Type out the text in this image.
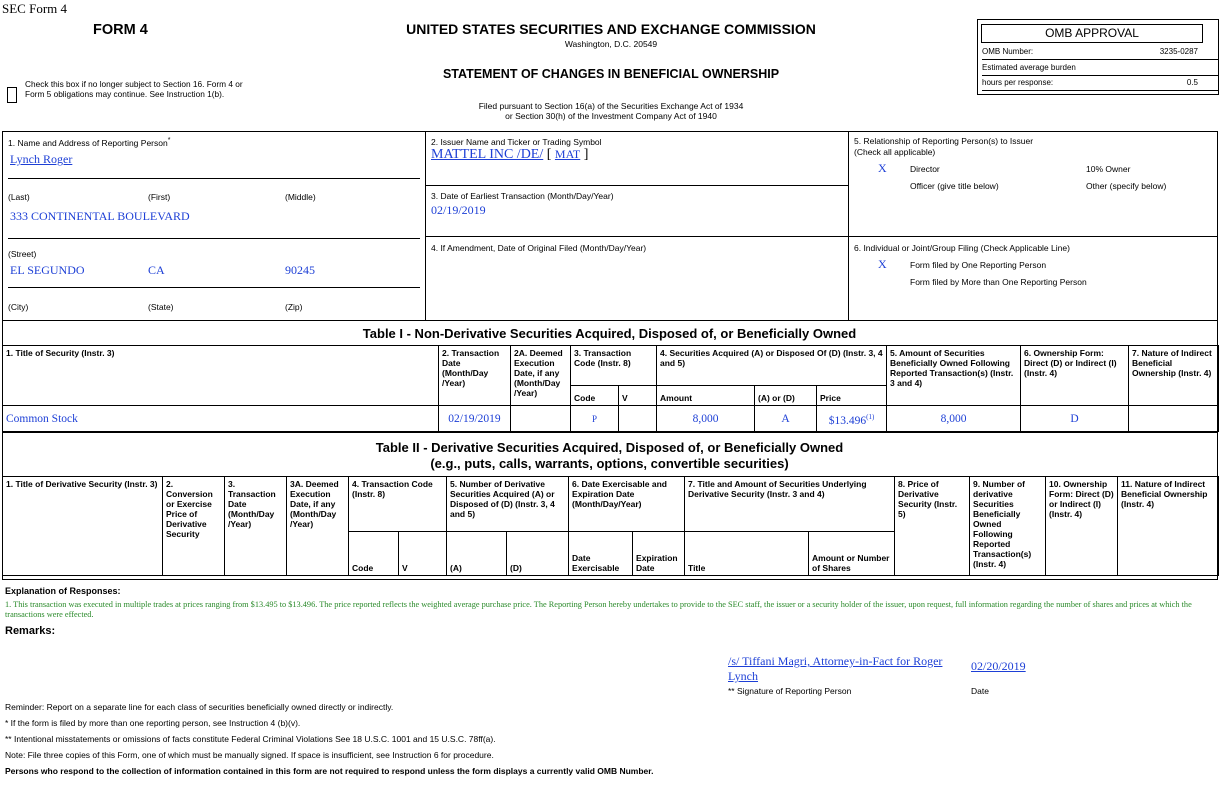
SEC Form 4
FORM 4	UNITED STATES SECURITIES AND EXCHANGE COMMISSION
Washington, D.C. 20549
STATEMENT OF CHANGES IN BENEFICIAL OWNERSHIP
Filed pursuant to Section 16(a) of the Securities Exchange Act of 1934
or Section 30(h) of the Investment Company Act of 1940
Check this box if no longer subject to Section 16. Form 4 or Form 5 obligations may continue. See Instruction 1(b).
OMB APPROVAL
OMB Number:	3235-0287
Estimated average burden
hours per response:	0.5
1. Name and Address of Reporting Person*
Lynch Roger
(Last)	(First)	(Middle)
333 CONTINENTAL BOULEVARD
(Street)
EL SEGUNDO	CA	90245
(City)	(State)	(Zip)
2. Issuer Name and Ticker or Trading Symbol
MATTEL INC /DE/ [ MAT ]
3. Date of Earliest Transaction (Month/Day/Year)
02/19/2019
4. If Amendment, Date of Original Filed (Month/Day/Year)
5. Relationship of Reporting Person(s) to Issuer
(Check all applicable)
X	Director	10% Owner
Officer (give title below)	Other (specify below)
6. Individual or Joint/Group Filing (Check Applicable Line)
X	Form filed by One Reporting Person
Form filed by More than One Reporting Person
Table I - Non-Derivative Securities Acquired, Disposed of, or Beneficially Owned
1. Title of Security (Instr. 3)	2. Transaction Date (Month/Day /Year)	2A. Deemed Execution Date, if any (Month/Day /Year)	3. Transaction Code (Instr. 8)		4. Securities Acquired (A) or Disposed Of (D) (Instr. 3, 4 and 5)			5. Amount of Securities Beneficially Owned Following Reported Transaction(s) (Instr. 3 and 4)	6. Ownership Form: Direct (D) or Indirect (I) (Instr. 4)	7. Nature of Indirect Beneficial Ownership (Instr. 4)
			Code	V	Amount	(A) or (D)	Price			
Common Stock	02/19/2019		P		8,000	A	$13.496$^{(1)}$	8,000	D	
Table II - Derivative Securities Acquired, Disposed of, or Beneficially Owned
(e.g., puts, calls, warrants, options, convertible securities)
1. Title of Derivative Security (Instr. 3)	2. Conversion or Exercise Price of Derivative Security	3. Transaction Date (Month/Day /Year)	3A. Deemed Execution Date, if any (Month/Day /Year)	4. Transaction Code (Instr. 8)		5. Number of Derivative Securities Acquired (A) or Disposed of (D) (Instr. 3, 4 and 5)		6. Date Exercisable and Expiration Date (Month/Day/Year)		7. Title and Amount of Securities Underlying Derivative Security (Instr. 3 and 4)		8. Price of Derivative Security (Instr. 5)	9. Number of derivative Securities Beneficially Owned Following Reported Transaction(s) (Instr. 4)	10. Ownership Form: Direct (D) or Indirect (I) (Instr. 4)	11. Nature of Indirect Beneficial Ownership (Instr. 4)
				Code	V	(A)	(D)	Date Exercisable	Expiration Date	Title	Amount or Number of Shares				
Explanation of Responses:
1. This transaction was executed in multiple trades at prices ranging from $13.495 to $13.496. The price reported reflects the weighted average purchase price. The Reporting Person hereby undertakes to provide to the SEC staff, the issuer or a security holder of the issuer, upon request, full information regarding the number of shares and prices at which the transactions were effected.
Remarks:
/s/ Tiffani Magri, Attorney-in-Fact for Roger Lynch
02/20/2019
** Signature of Reporting Person	Date
Reminder: Report on a separate line for each class of securities beneficially owned directly or indirectly.
* If the form is filed by more than one reporting person, see Instruction 4 (b)(v).
** Intentional misstatements or omissions of facts constitute Federal Criminal Violations See 18 U.S.C. 1001 and 15 U.S.C. 78ff(a).
Note: File three copies of this Form, one of which must be manually signed. If space is insufficient, see Instruction 6 for procedure.
Persons who respond to the collection of information contained in this form are not required to respond unless the form displays a currently valid OMB Number.
